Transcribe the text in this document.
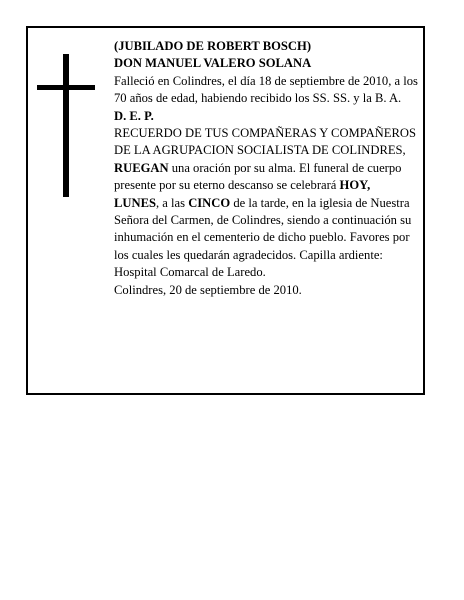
(JUBILADO DE ROBERT BOSCH)

DON MANUEL VALERO SOLANA

Falleció en Colindres, el día 18 de septiembre de 2010, a los 70 años de edad, habiendo recibido los SS. SS. y la B. A.

D. E. P.

RECUERDO DE TUS COMPAÑERAS Y COMPAÑEROS DE LA AGRUPACION SOCIALISTA DE COLINDRES,

RUEGAN una oración por su alma. El funeral de cuerpo presente por su eterno descanso se celebrará HOY, LUNES, a las CINCO de la tarde, en la iglesia de Nuestra Señora del Carmen, de Colindres, siendo a continuación su inhumación en el cementerio de dicho pueblo. Favores por los cuales les quedarán agradecidos. Capilla ardiente: Hospital Comarcal de Laredo.

Colindres, 20 de septiembre de 2010.
